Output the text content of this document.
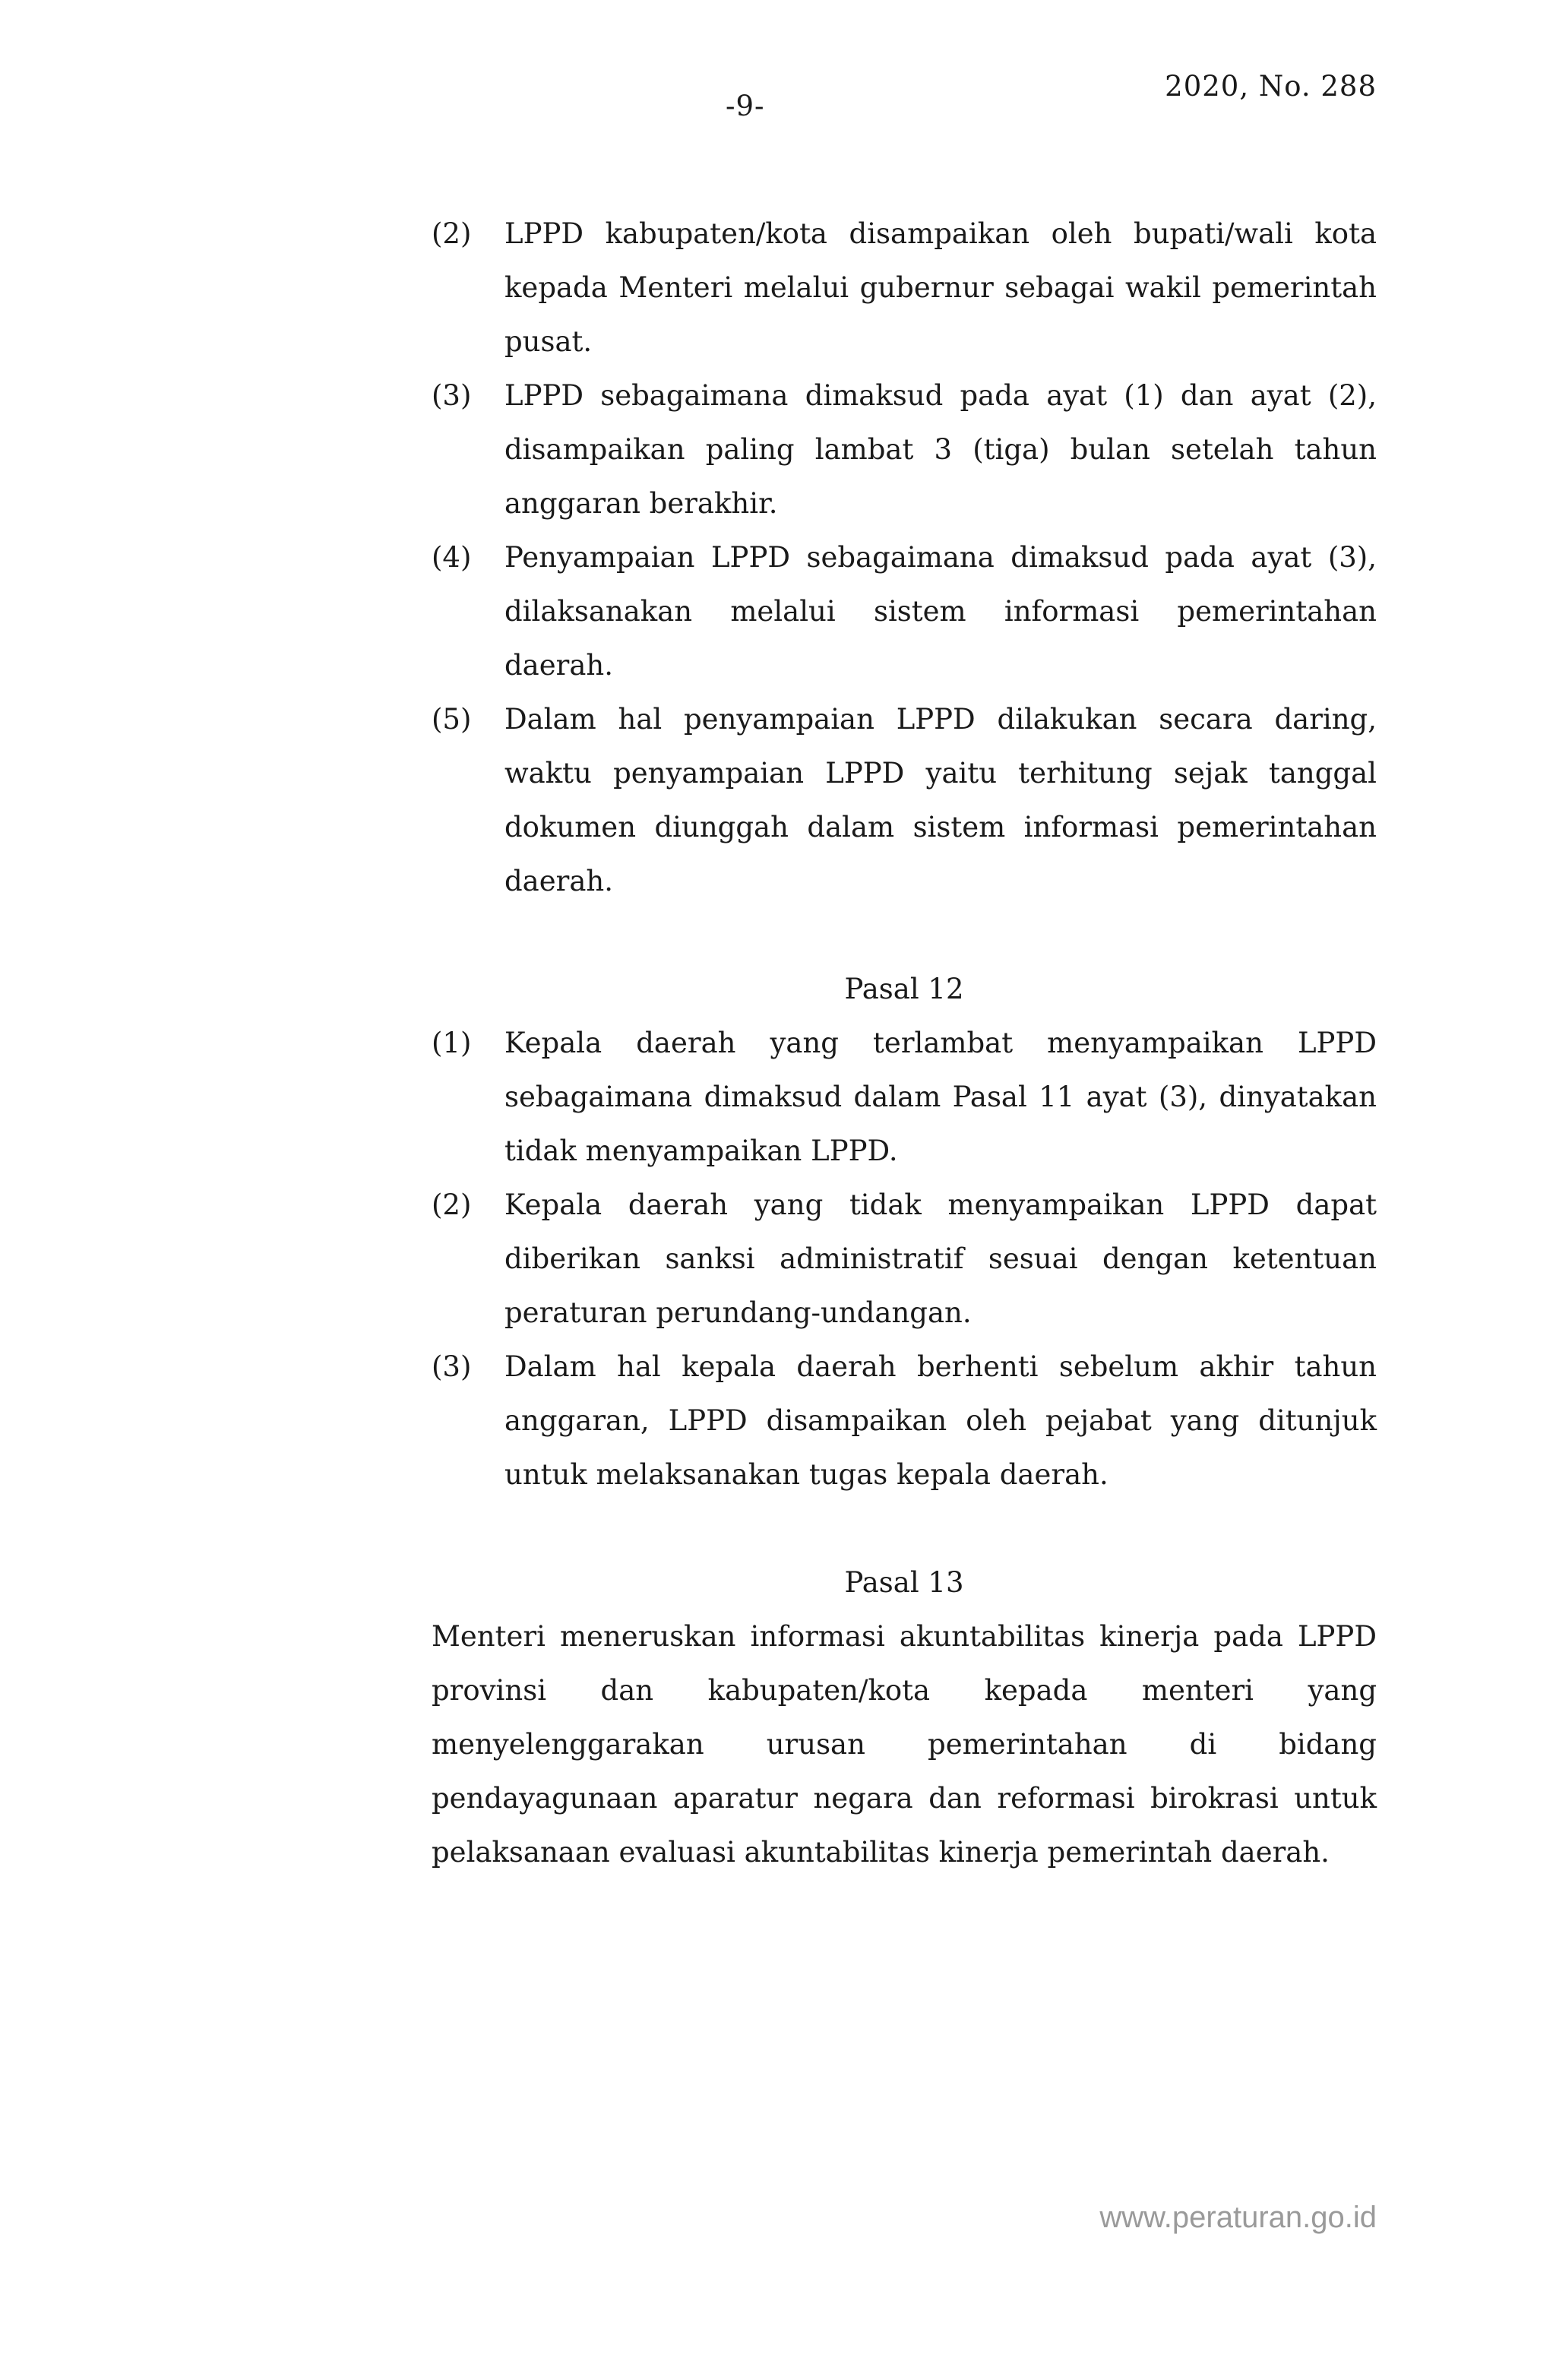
-9-
2020, No. 288
(2)	LPPD kabupaten/kota disampaikan oleh bupati/wali kota kepada Menteri melalui gubernur sebagai wakil pemerintah pusat.
(3)	LPPD sebagaimana dimaksud pada ayat (1) dan ayat (2), disampaikan paling lambat 3 (tiga) bulan setelah tahun anggaran berakhir.
(4)	Penyampaian LPPD sebagaimana dimaksud pada ayat (3), dilaksanakan melalui sistem informasi pemerintahan daerah.
(5)	Dalam hal penyampaian LPPD dilakukan secara daring, waktu penyampaian LPPD yaitu terhitung sejak tanggal dokumen diunggah dalam sistem informasi pemerintahan daerah.
Pasal 12
(1)	Kepala daerah yang terlambat menyampaikan LPPD sebagaimana dimaksud dalam Pasal 11 ayat (3), dinyatakan tidak menyampaikan LPPD.
(2)	Kepala daerah yang tidak menyampaikan LPPD dapat diberikan sanksi administratif sesuai dengan ketentuan peraturan perundang-undangan.
(3)	Dalam hal kepala daerah berhenti sebelum akhir tahun anggaran, LPPD disampaikan oleh pejabat yang ditunjuk untuk melaksanakan tugas kepala daerah.
Pasal 13
Menteri meneruskan informasi akuntabilitas kinerja pada LPPD provinsi dan kabupaten/kota kepada menteri yang menyelenggarakan urusan pemerintahan di bidang pendayagunaan aparatur negara dan reformasi birokrasi untuk pelaksanaan evaluasi akuntabilitas kinerja pemerintah daerah.
www.peraturan.go.id
